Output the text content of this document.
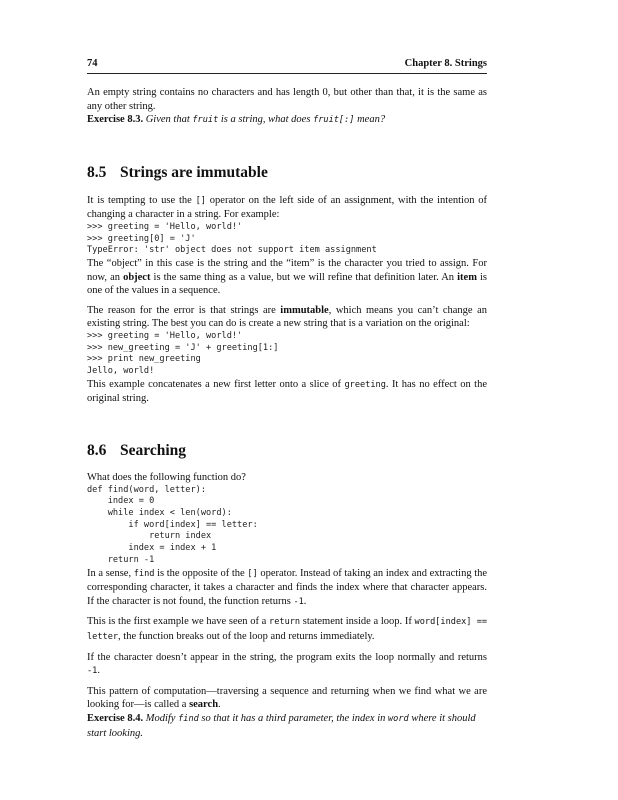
74	Chapter 8. Strings

An empty string contains no characters and has length 0, but other than that, it is the same as any other string.

Exercise 8.3. Given that fruit is a string, what does fruit[:] mean?
8.5 Strings are immutable

It is tempting to use the [] operator on the left side of an assignment, with the intention of changing a character in a string. For example:

>>> greeting = 'Hello, world!'
>>> greeting[0] = 'J'
TypeError: 'str' object does not support item assignment

The “object” in this case is the string and the “item” is the character you tried to assign. For now, an object is the same thing as a value, but we will refine that definition later. An item is one of the values in a sequence.

The reason for the error is that strings are immutable, which means you can’t change an existing string. The best you can do is create a new string that is a variation on the original:

>>> greeting = 'Hello, world!'
>>> new_greeting = 'J' + greeting[1:]
>>> print new_greeting
Jello, world!

This example concatenates a new first letter onto a slice of greeting. It has no effect on the original string.

8.6 Searching

What does the following function do?

def find(word, letter):
index = 0
while index < len(word):
if word[index] == letter:
return index
index = index + 1
return -1

In a sense, find is the opposite of the [] operator. Instead of taking an index and extracting the corresponding character, it takes a character and finds the index where that character appears. If the character is not found, the function returns -1.

This is the first example we have seen of a return statement inside a loop. If word[index] == letter, the function breaks out of the loop and returns immediately.

If the character doesn’t appear in the string, the program exits the loop normally and returns -1.

This pattern of computation—traversing a sequence and returning when we find what we are looking for—is called a search.

Exercise 8.4. Modify find so that it has a third parameter, the index in word where it should start looking.
